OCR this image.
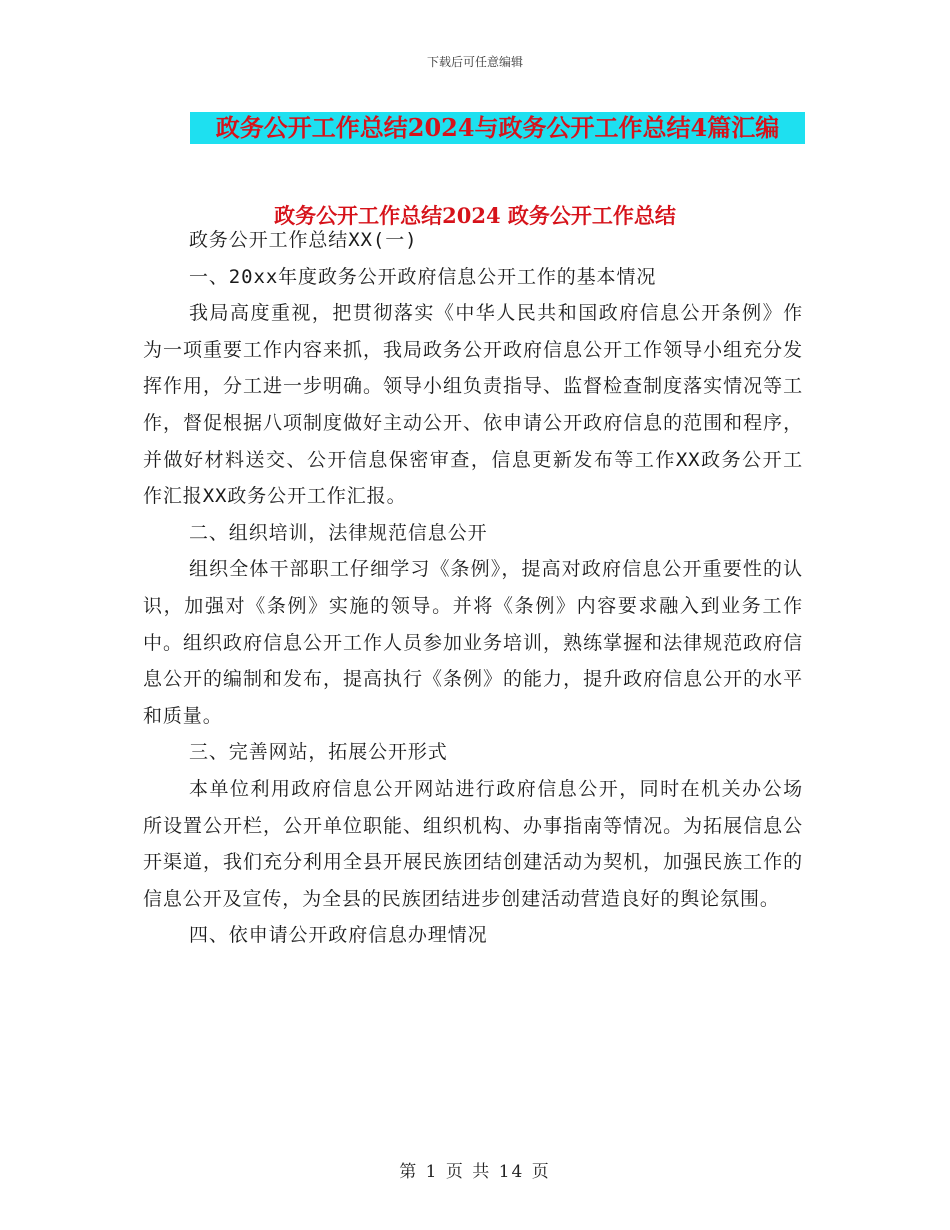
下载后可任意编辑
政务公开工作总结2024与政务公开工作总结4篇汇编
政务公开工作总结2024 政务公开工作总结

政务公开工作总结XX(一)

一、20xx年度政务公开政府信息公开工作的基本情况

我局高度重视，把贯彻落实《中华人民共和国政府信息公开条例》作为一项重要工作内容来抓，我局政务公开政府信息公开工作领导小组充分发挥作用，分工进一步明确。领导小组负责指导、监督检查制度落实情况等工作，督促根据八项制度做好主动公开、依申请公开政府信息的范围和程序，并做好材料送交、公开信息保密审查，信息更新发布等工作XX政务公开工作汇报XX政务公开工作汇报。

二、组织培训，法律规范信息公开

组织全体干部职工仔细学习《条例》，提高对政府信息公开重要性的认识，加强对《条例》实施的领导。并将《条例》内容要求融入到业务工作中。组织政府信息公开工作人员参加业务培训，熟练掌握和法律规范政府信息公开的编制和发布，提高执行《条例》的能力，提升政府信息公开的水平和质量。

三、完善网站，拓展公开形式

本单位利用政府信息公开网站进行政府信息公开，同时在机关办公场所设置公开栏，公开单位职能、组织机构、办事指南等情况。为拓展信息公开渠道，我们充分利用全县开展民族团结创建活动为契机，加强民族工作的信息公开及宣传，为全县的民族团结进步创建活动营造良好的舆论氛围。

四、依申请公开政府信息办理情况

第 1 页 共 14 页
